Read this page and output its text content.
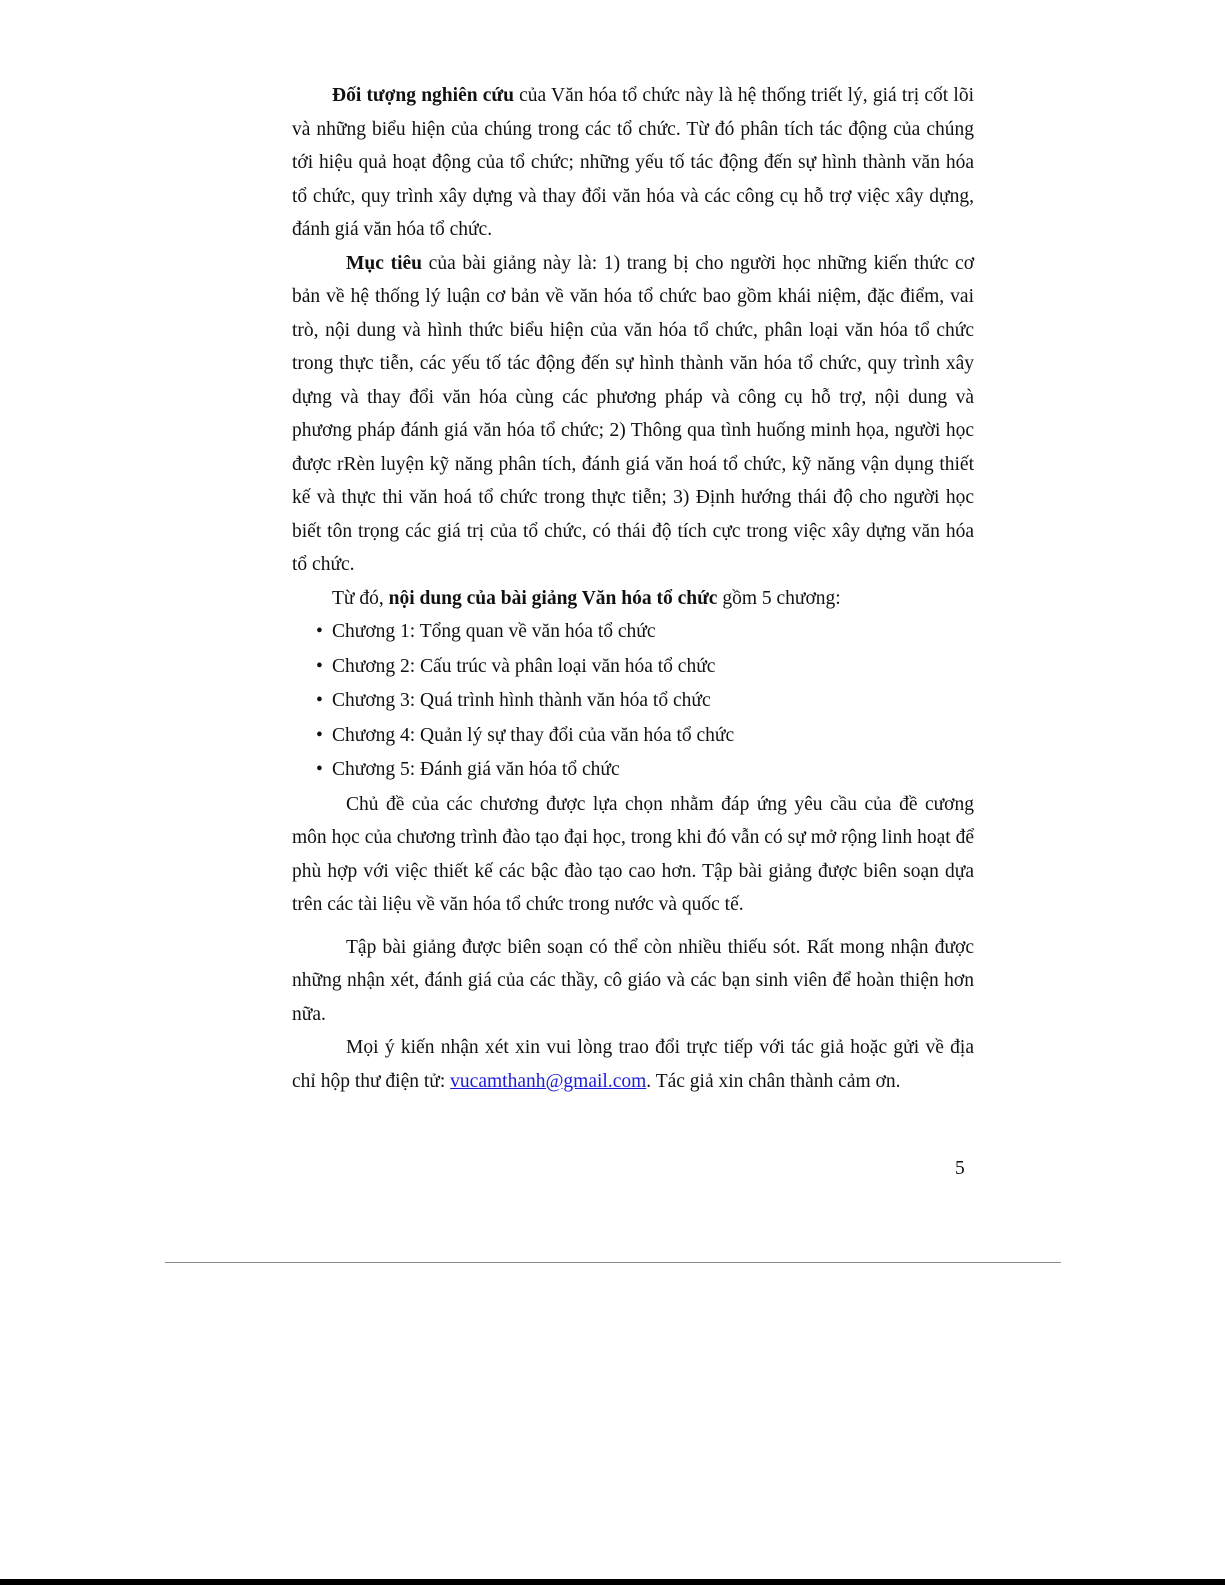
Đối tượng nghiên cứu của Văn hóa tổ chức này là hệ thống triết lý, giá trị cốt lõi và những biểu hiện của chúng trong các tổ chức. Từ đó phân tích tác động của chúng tới hiệu quả hoạt động của tổ chức; những yếu tố tác động đến sự hình thành văn hóa tổ chức, quy trình xây dựng và thay đổi văn hóa và các công cụ hỗ trợ việc xây dựng, đánh giá văn hóa tổ chức.

Mục tiêu của bài giảng này là: 1) trang bị cho người học những kiến thức cơ bản về hệ thống lý luận cơ bản về văn hóa tổ chức bao gồm khái niệm, đặc điểm, vai trò, nội dung và hình thức biểu hiện của văn hóa tổ chức, phân loại văn hóa tổ chức trong thực tiễn, các yếu tố tác động đến sự hình thành văn hóa tổ chức, quy trình xây dựng và thay đổi văn hóa cùng các phương pháp và công cụ hỗ trợ, nội dung và phương pháp đánh giá văn hóa tổ chức; 2) Thông qua tình huống minh họa, người học được rRèn luyện kỹ năng phân tích, đánh giá văn hoá tổ chức, kỹ năng vận dụng thiết kế và thực thi văn hoá tổ chức trong thực tiễn; 3) Định hướng thái độ cho người học biết tôn trọng các giá trị của tổ chức, có thái độ tích cực trong việc xây dựng văn hóa tổ chức.

Từ đó, nội dung của bài giảng Văn hóa tổ chức gồm 5 chương:

• Chương 1: Tổng quan về văn hóa tổ chức
• Chương 2: Cấu trúc và phân loại văn hóa tổ chức
• Chương 3: Quá trình hình thành văn hóa tổ chức
• Chương 4: Quản lý sự thay đổi của văn hóa tổ chức
• Chương 5: Đánh giá văn hóa tổ chức

Chủ đề của các chương được lựa chọn nhằm đáp ứng yêu cầu của đề cương môn học của chương trình đào tạo đại học, trong khi đó vẫn có sự mở rộng linh hoạt để phù hợp với việc thiết kế các bậc đào tạo cao hơn. Tập bài giảng được biên soạn dựa trên các tài liệu về văn hóa tổ chức trong nước và quốc tế.

Tập bài giảng được biên soạn có thể còn nhiều thiếu sót. Rất mong nhận được những nhận xét, đánh giá của các thầy, cô giáo và các bạn sinh viên để hoàn thiện hơn nữa.

Mọi ý kiến nhận xét xin vui lòng trao đổi trực tiếp với tác giả hoặc gửi về địa chỉ hộp thư điện tử: vucamthanh@gmail.com. Tác giả xin chân thành cảm ơn.

5
